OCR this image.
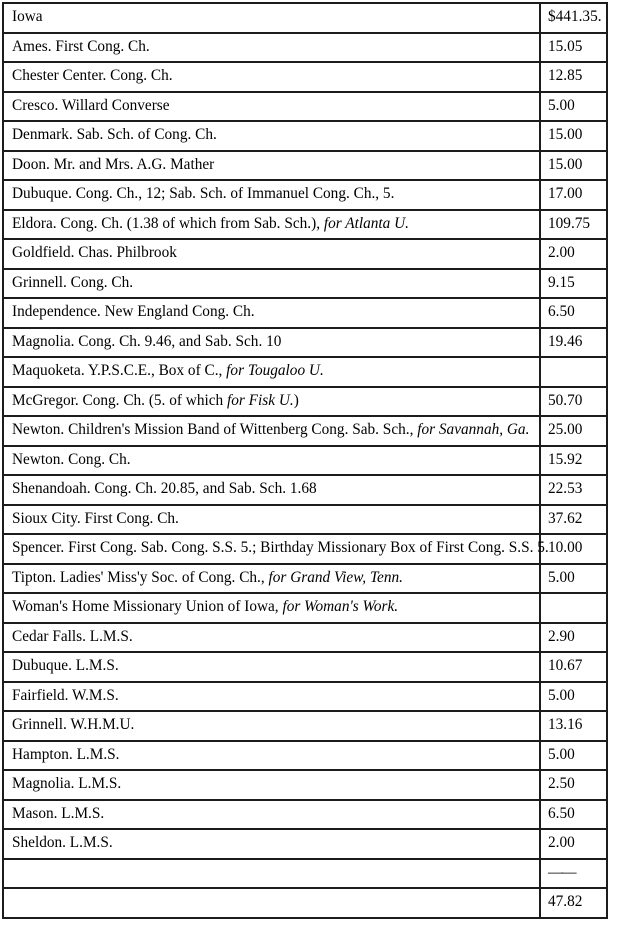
Iowa	$441.35.
Ames. First Cong. Ch.	15.05
Chester Center. Cong. Ch.	12.85
Cresco. Willard Converse	5.00
Denmark. Sab. Sch. of Cong. Ch.	15.00
Doon. Mr. and Mrs. A.G. Mather	15.00
Dubuque. Cong. Ch., 12; Sab. Sch. of Immanuel Cong. Ch., 5.	17.00
Eldora. Cong. Ch. (1.38 of which from Sab. Sch.), for Atlanta U.	109.75
Goldfield. Chas. Philbrook	2.00
Grinnell. Cong. Ch.	9.15
Independence. New England Cong. Ch.	6.50
Magnolia. Cong. Ch. 9.46, and Sab. Sch. 10	19.46
Maquoketa. Y.P.S.C.E., Box of C., for Tougaloo U.	
McGregor. Cong. Ch. (5. of which for Fisk U.)	50.70
Newton. Children's Mission Band of Wittenberg Cong. Sab. Sch., for Savannah, Ga.	25.00
Newton. Cong. Ch.	15.92
Shenandoah. Cong. Ch. 20.85, and Sab. Sch. 1.68	22.53
Sioux City. First Cong. Ch.	37.62
Spencer. First Cong. Sab. Cong. S.S. 5.; Birthday Missionary Box of First Cong. S.S. 5.	10.00
Tipton. Ladies' Miss'y Soc. of Cong. Ch., for Grand View, Tenn.	5.00
Woman's Home Missionary Union of Iowa, for Woman's Work.	
Cedar Falls. L.M.S.	2.90
Dubuque. L.M.S.	10.67
Fairfield. W.M.S.	5.00
Grinnell. W.H.M.U.	13.16
Hampton. L.M.S.	5.00
Magnolia. L.M.S.	2.50
Mason. L.M.S.	6.50
Sheldon. L.M.S.	2.00
	——
	47.82
